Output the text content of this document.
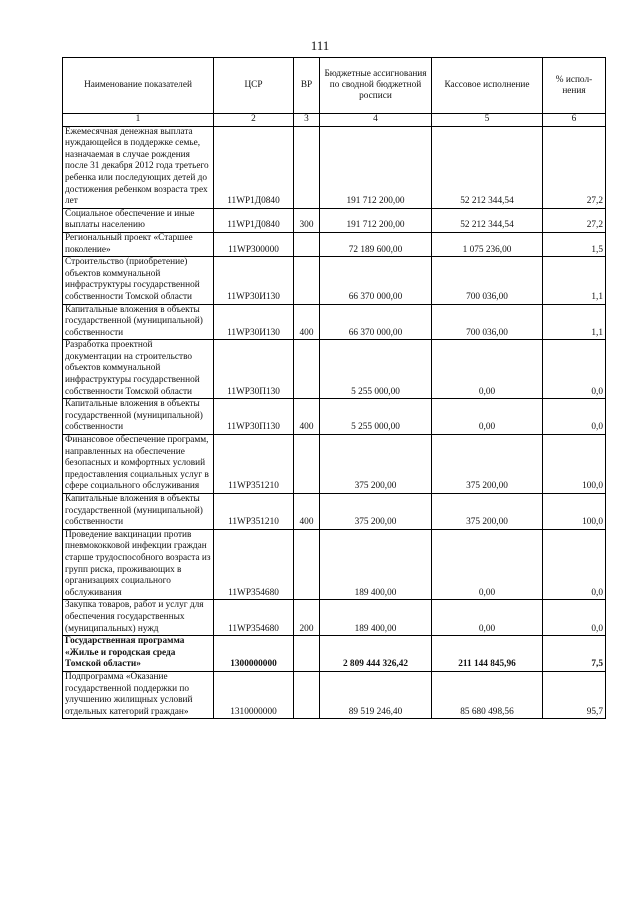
111
Наименование показателей	ЦСР	ВР	Бюджетные ассигнования по сводной бюджетной росписи	Кассовое исполнение	% испол-нения
1	2	3	4	5	6
Ежемесячная денежная выплата нуждающейся в поддержке семье, назначаемая в случае рождения после 31 декабря 2012 года третьего ребенка или последующих детей до достижения ребенком возраста трех лет	11WP1Д0840		191 712 200,00	52 212 344,54	27,2
Социальное обеспечение и иные выплаты населению	11WP1Д0840	300	191 712 200,00	52 212 344,54	27,2
Региональный проект «Старшее поколение»	11WP300000		72 189 600,00	1 075 236,00	1,5
Строительство (приобретение) объектов коммунальной инфраструктуры государственной собственности Томской области	11WP30И130		66 370 000,00	700 036,00	1,1
Капитальные вложения в объекты государственной (муниципальной) собственности	11WP30И130	400	66 370 000,00	700 036,00	1,1
Разработка проектной документации на строительство объектов коммунальной инфраструктуры государственной собственности Томской области	11WP30П130		5 255 000,00	0,00	0,0
Капитальные вложения в объекты государственной (муниципальной) собственности	11WP30П130	400	5 255 000,00	0,00	0,0
Финансовое обеспечение программ, направленных на обеспечение безопасных и комфортных условий предоставления социальных услуг в сфере социального обслуживания	11WP351210		375 200,00	375 200,00	100,0
Капитальные вложения в объекты государственной (муниципальной) собственности	11WP351210	400	375 200,00	375 200,00	100,0
Проведение вакцинации против пневмококковой инфекции граждан старше трудоспособного возраста из групп риска, проживающих в организациях социального обслуживания	11WP354680		189 400,00	0,00	0,0
Закупка товаров, работ и услуг для обеспечения государственных (муниципальных) нужд	11WP354680	200	189 400,00	0,00	0,0
Государственная программа «Жилье и городская среда Томской области»	1300000000		2 809 444 326,42	211 144 845,96	7,5
Подпрограмма «Оказание государственной поддержки по улучшению жилищных условий отдельных категорий граждан»	1310000000		89 519 246,40	85 680 498,56	95,7
